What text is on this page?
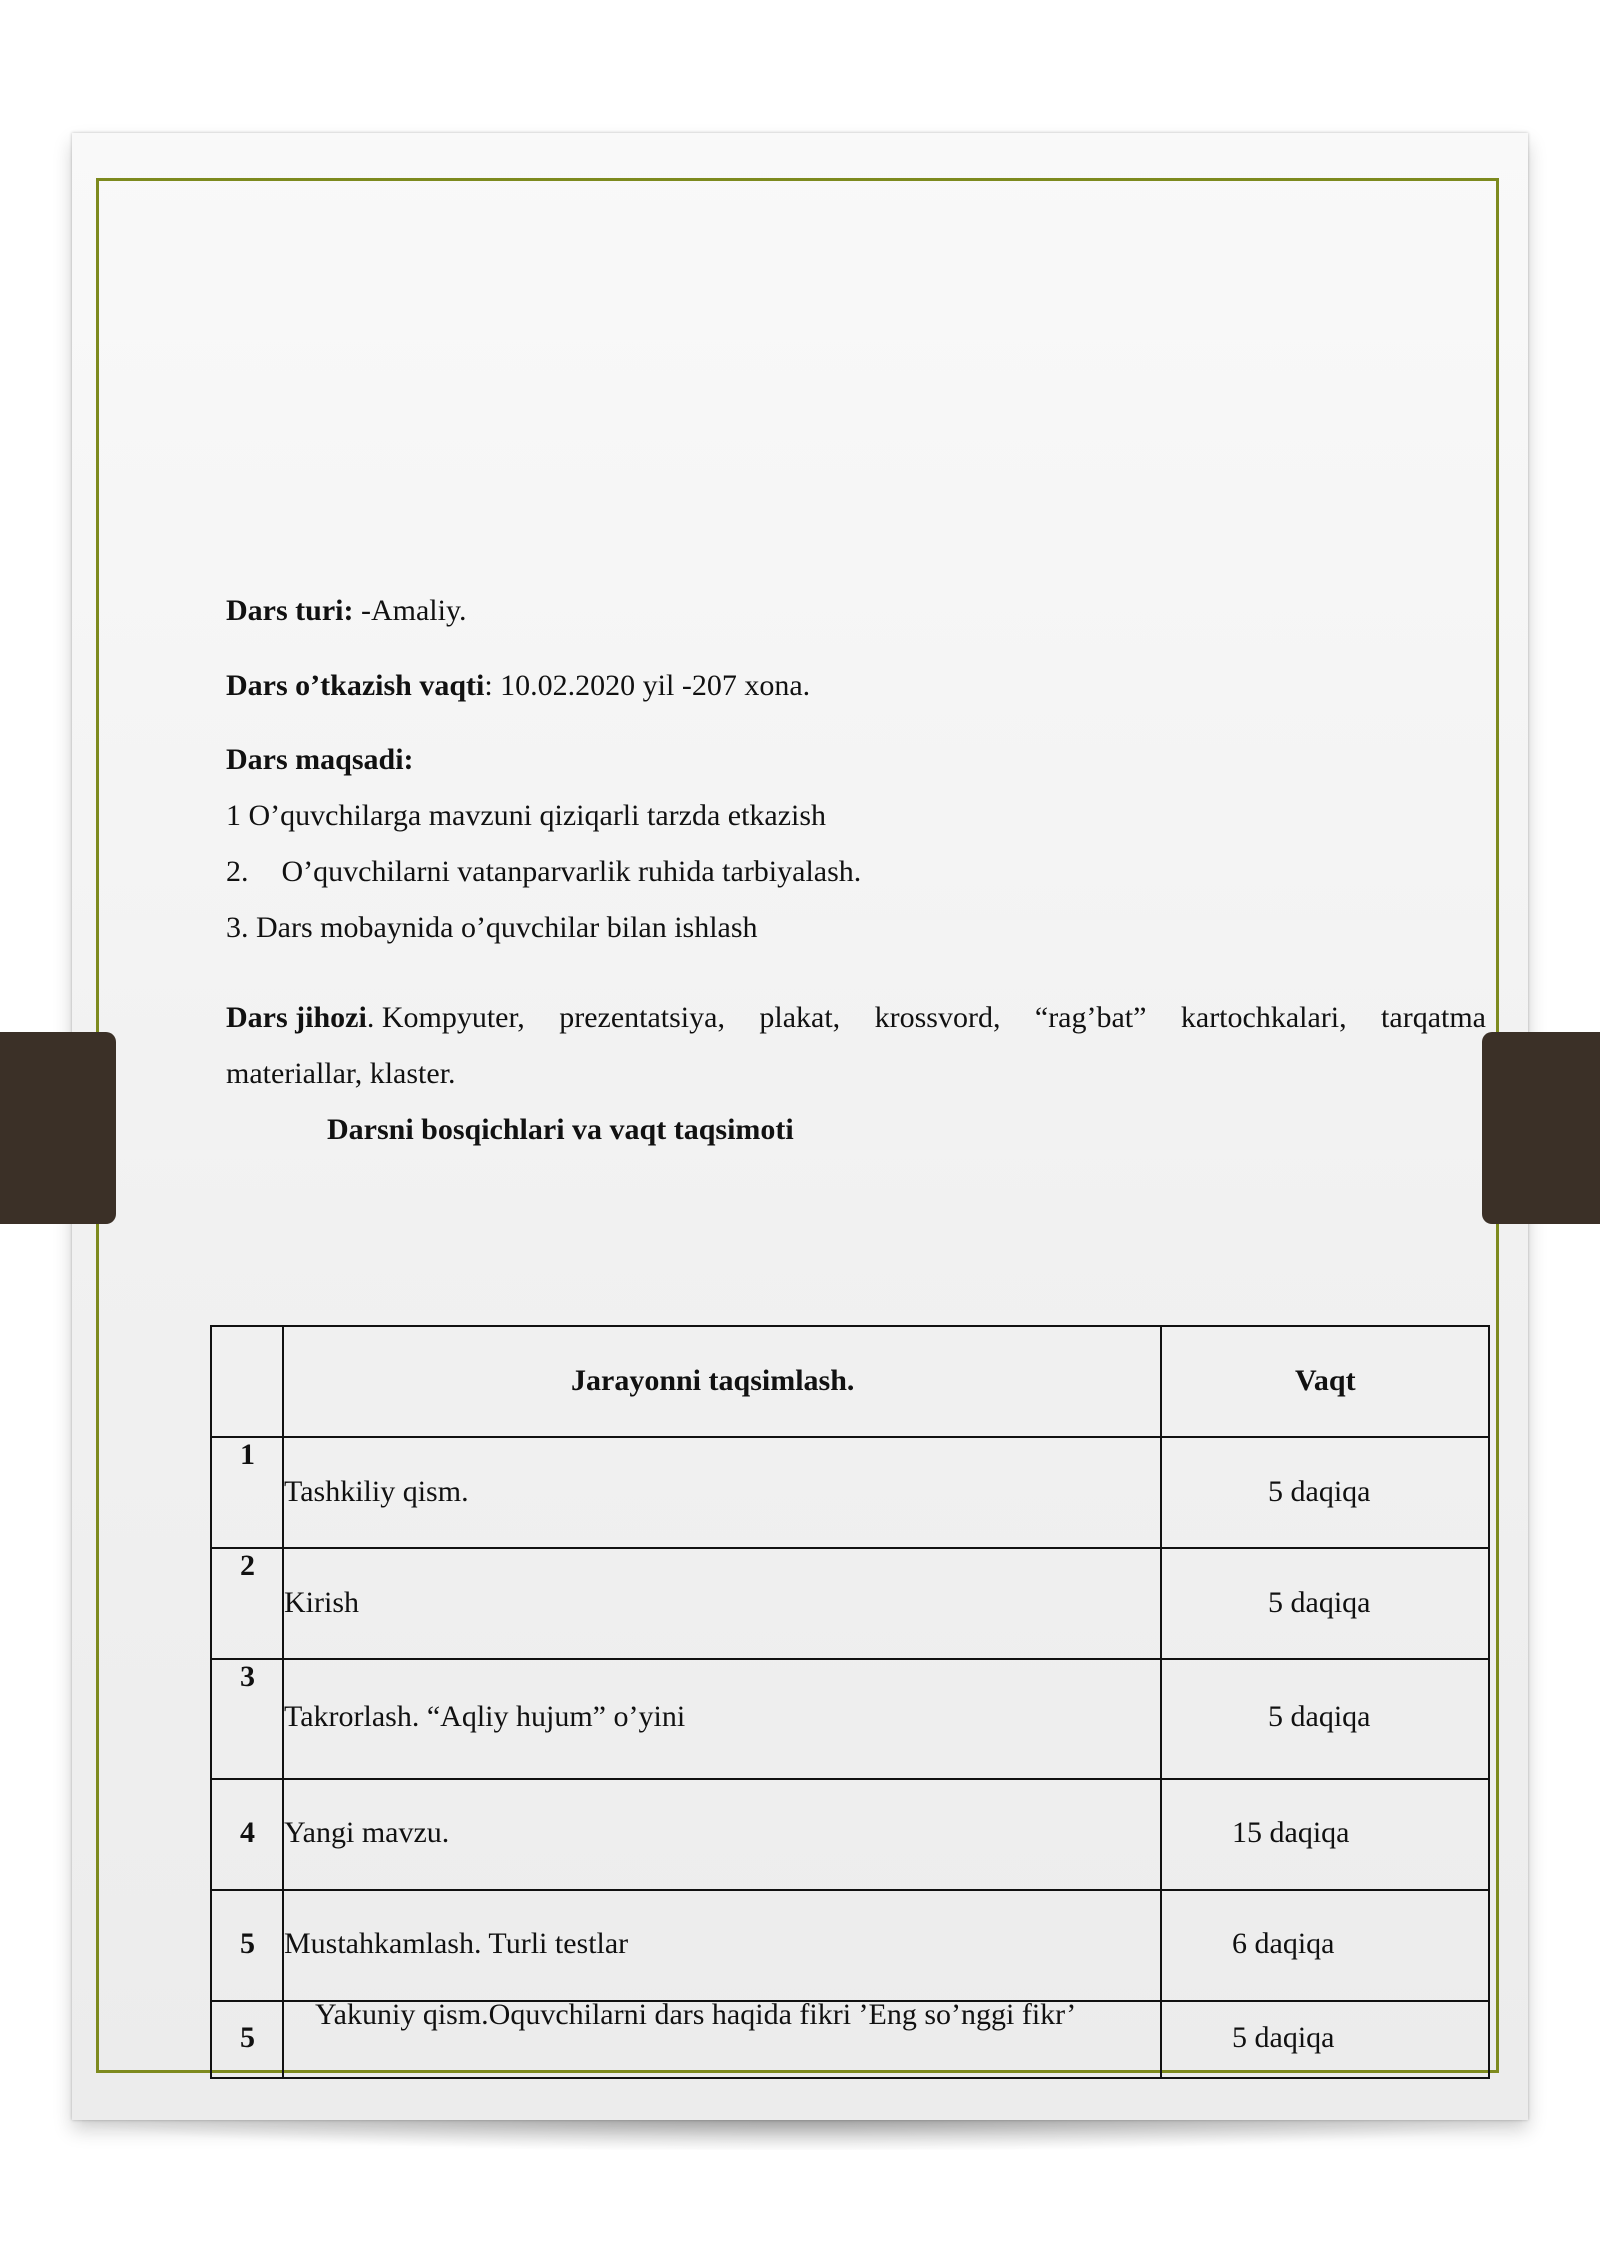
Dars turi: -Amaliy.
Dars o’tkazish vaqti: 10.02.2020 yil -207 xona.
Dars maqsadi:
1 O’quvchilarga mavzuni qiziqarli tarzda etkazish
2. O’quvchilarni vatanparvarlik ruhida tarbiyalash.
3. Dars mobaynida o’quvchilar bilan ishlash
Dars jihozi. Kompyuter, prezentatsiya, plakat, krossvord, “rag’bat” kartochkalari, tarqatma
materiallar, klaster.
Darsni bosqichlari va vaqt taqsimoti

	Jarayonni taqsimlash.	Vaqt

1	Tashkiliy qism.	5 daqiqa

2	Kirish	5 daqiqa

3	Takrorlash. “Aqliy hujum” o’yini	5 daqiqa

4	Yangi mavzu.	15 daqiqa

5	Mustahkamlash. Turli testlar	6 daqiqa

5	Yakuniy qism.Oquvchilarni dars haqida fikri ’Eng so’nggi fikr’	5 daqiqa
